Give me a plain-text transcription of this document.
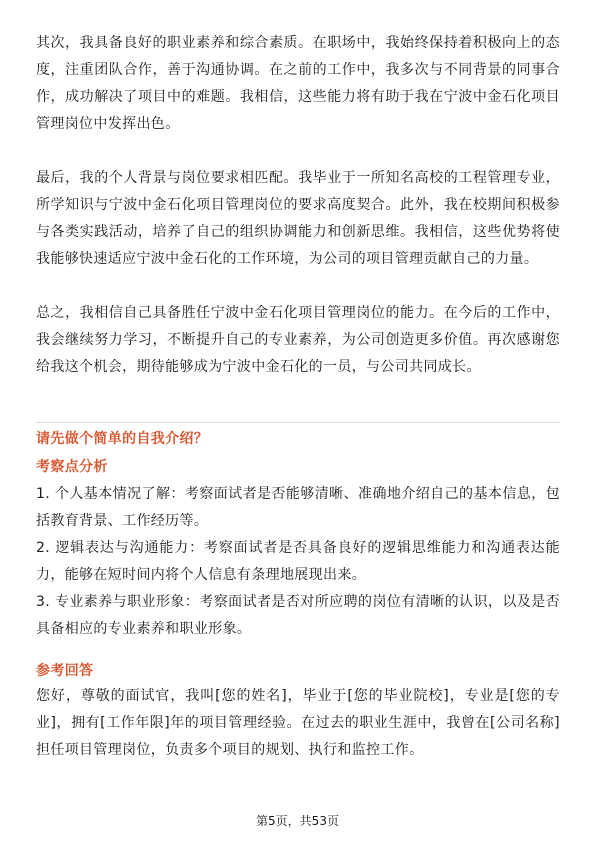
其次，我具备良好的职业素养和综合素质。在职场中，我始终保持着积极向上的态度，注重团队合作，善于沟通协调。在之前的工作中，我多次与不同背景的同事合作，成功解决了项目中的难题。我相信，这些能力将有助于我在宁波中金石化项目管理岗位中发挥出色。

最后，我的个人背景与岗位要求相匹配。我毕业于一所知名高校的工程管理专业，所学知识与宁波中金石化项目管理岗位的要求高度契合。此外，我在校期间积极参与各类实践活动，培养了自己的组织协调能力和创新思维。我相信，这些优势将使我能够快速适应宁波中金石化的工作环境，为公司的项目管理贡献自己的力量。

总之，我相信自己具备胜任宁波中金石化项目管理岗位的能力。在今后的工作中，我会继续努力学习，不断提升自己的专业素养，为公司创造更多价值。再次感谢您给我这个机会，期待能够成为宁波中金石化的一员，与公司共同成长。

请先做个简单的自我介绍？
考察点分析

1. 个人基本情况了解：考察面试者是否能够清晰、准确地介绍自己的基本信息，包括教育背景、工作经历等。

2. 逻辑表达与沟通能力：考察面试者是否具备良好的逻辑思维能力和沟通表达能力，能够在短时间内将个人信息有条理地展现出来。

3. 专业素养与职业形象：考察面试者是否对所应聘的岗位有清晰的认识，以及是否具备相应的专业素养和职业形象。

参考回答

您好，尊敬的面试官，我叫[您的姓名]，毕业于[您的毕业院校]，专业是[您的专业]，拥有[工作年限]年的项目管理经验。在过去的职业生涯中，我曾在[公司名称]担任项目管理岗位，负责多个项目的规划、执行和监控工作。

第5页，共53页
